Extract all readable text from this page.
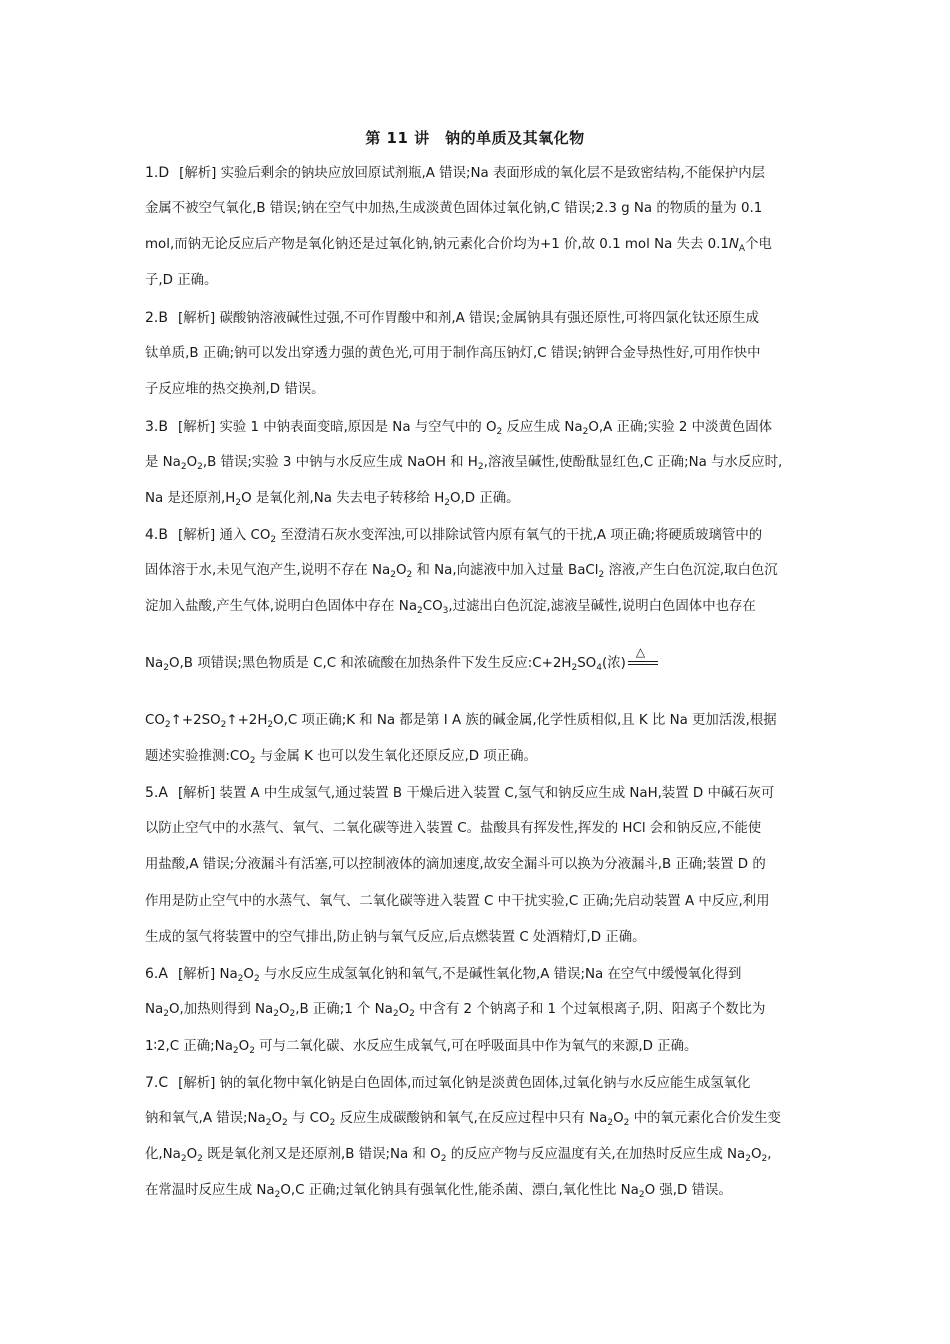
第 11 讲　钠的单质及其氧化物
1.D [解析] 实验后剩余的钠块应放回原试剂瓶,A 错误;Na 表面形成的氧化层不是致密结构,不能保护内层
金属不被空气氧化,B 错误;钠在空气中加热,生成淡黄色固体过氧化钠,C 错误;2.3 g Na 的物质的量为 0.1
mol,而钠无论反应后产物是氧化钠还是过氧化钠,钠元素化合价均为+1 价,故 0.1 mol Na 失去 $0.1N_A$个电
子,D 正确。
2.B [解析] 碳酸钠溶液碱性过强,不可作胃酸中和剂,A 错误;金属钠具有强还原性,可将四氯化钛还原生成
钛单质,B 正确;钠可以发出穿透力强的黄色光,可用于制作高压钠灯,C 错误;钠钾合金导热性好,可用作快中
子反应堆的热交换剂,D 错误。
3.B [解析] 实验 1 中钠表面变暗,原因是 Na 与空气中的 $O_2$ 反应生成 $Na_2O,A$ 正确;实验 2 中淡黄色固体
是 $Na_2O_2,B$ 错误;实验 3 中钠与水反应生成 NaOH 和 $H_2$,溶液呈碱性,使酚酞显红色,C 正确;Na 与水反应时,
Na 是还原剂$,H_2O$ 是氧化剂,Na 失去电子转移给 $H_2O,D$ 正确。
4.B [解析] 通入 $CO_2$ 至澄清石灰水变浑浊,可以排除试管内原有氧气的干扰,A 项正确;将硬质玻璃管中的
固体溶于水,未见气泡产生,说明不存在 $Na_2O_2$ 和 Na,向滤液中加入过量 BaCl$_2$ 溶液,产生白色沉淀,取白色沉
淀加入盐酸,产生气体,说明白色固体中存在 $Na_2CO_3$,过滤出白色沉淀,滤液呈碱性,说明白色固体中也存在
$Na_2O,B$ 项错误;黑色物质是 C,C 和浓硫酸在加热条件下发生反应$:C+2H_2SO_4$(浓)
△
$CO_2↑+2SO_2↑+2H_2O,C$ 项正确;K 和 Na 都是第 Ⅰ A 族的碱金属,化学性质相似,且 K 比 Na 更加活泼,根据
题述实验推测$:CO_2$ 与金属 K 也可以发生氧化还原反应,D 项正确。
5.A [解析] 装置 A 中生成氢气,通过装置 B 干燥后进入装置 C,氢气和钠反应生成 NaH,装置 D 中碱石灰可
以防止空气中的水蒸气、氧气、二氧化碳等进入装置 C。盐酸具有挥发性,挥发的 HCl 会和钠反应,不能使
用盐酸,A 错误;分液漏斗有活塞,可以控制液体的滴加速度,故安全漏斗可以换为分液漏斗,B 正确;装置 D 的
作用是防止空气中的水蒸气、氧气、二氧化碳等进入装置 C 中干扰实验,C 正确;先启动装置 A 中反应,利用
生成的氢气将装置中的空气排出,防止钠与氧气反应,后点燃装置 C 处酒精灯,D 正确。
6.A [解析] $Na_2O_2$ 与水反应生成氢氧化钠和氧气,不是碱性氧化物,A 错误;Na 在空气中缓慢氧化得到
$Na_2O$,加热则得到 $Na_2O_2,B$ 正确;1 个 $Na_2O_2$ 中含有 2 个钠离子和 1 个过氧根离子,阴、阳离子个数比为
1∶2,C 正确$;Na_2O_2$ 可与二氧化碳、水反应生成氧气,可在呼吸面具中作为氧气的来源,D 正确。
7.C [解析] 钠的氧化物中氧化钠是白色固体,而过氧化钠是淡黄色固体,过氧化钠与水反应能生成氢氧化
钠和氧气,A 错误$;Na_2O_2$ 与 $CO_2$ 反应生成碳酸钠和氧气,在反应过程中只有 $Na_2O_2$ 中的氧元素化合价发生变
化$,Na_2O_2$ 既是氧化剂又是还原剂,B 错误;Na 和 $O_2$ 的反应产物与反应温度有关,在加热时反应生成 $Na_2O_2$,
在常温时反应生成 $Na_2O,C$ 正确;过氧化钠具有强氧化性,能杀菌、漂白,氧化性比 $Na_2O$ 强,D 错误。
